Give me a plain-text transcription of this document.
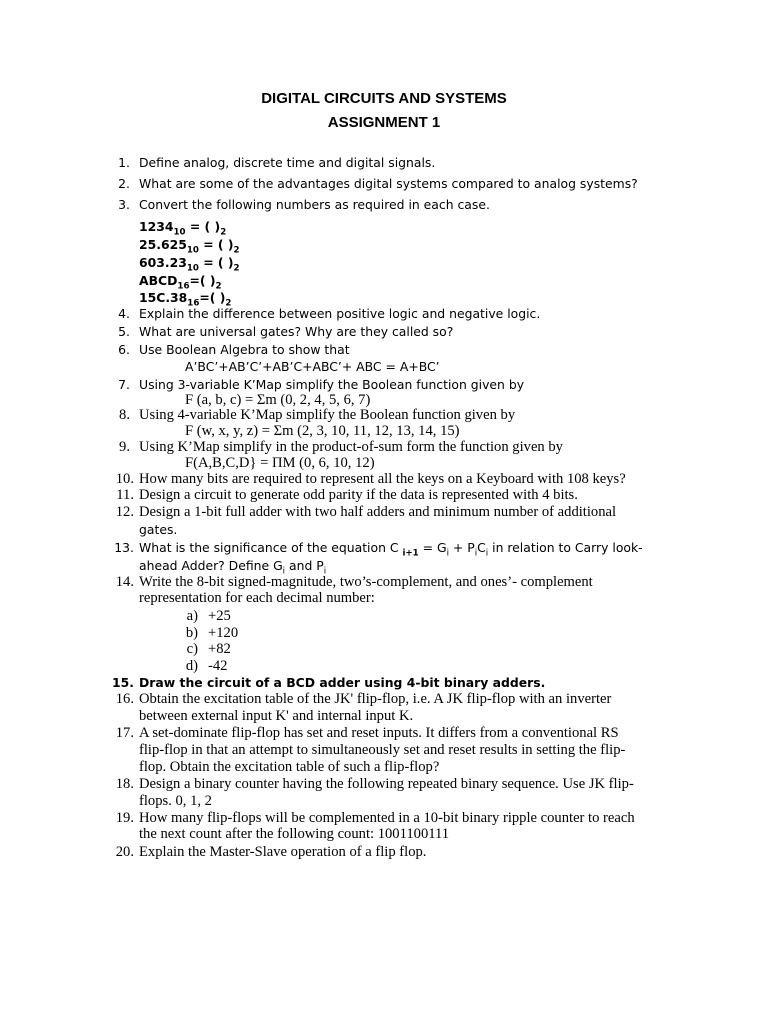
DIGITAL CIRCUITS AND SYSTEMS
ASSIGNMENT 1
1. Define analog, discrete time and digital signals.
2. What are some of the advantages digital systems compared to analog systems?
3. Convert the following numbers as required in each case.
$1234_{10}$ = ( )$_2$
$25.625_{10}$ = ( )$_2$
$603.23_{10}$ = ( )$_2$
$ABCD_{16}=$( )$_2$
$15C.38_{16}=$( )$_2$
4. Explain the difference between positive logic and negative logic.
5. What are universal gates? Why are they called so?
6. Use Boolean Algebra to show that
A’BC’+AB’C’+AB’C+ABC’+ ABC = A+BC’
7. Using 3-variable K’Map simplify the Boolean function given by
F (a, b, c) = Σm (0, 2, 4, 5, 6, 7)
8. Using 4-variable K’Map simplify the Boolean function given by
F (w, x, y, z) = Σm (2, 3, 10, 11, 12, 13, 14, 15)
9. Using K’Map simplify in the product-of-sum form the function given by
F(A,B,C,D} = ΠM (0, 6, 10, 12)
10. How many bits are required to represent all the keys on a Keyboard with 108 keys?
11. Design a circuit to generate odd parity if the data is represented with 4 bits.
12. Design a 1-bit full adder with two half adders and minimum number of additional
gates.
13. What is the significance of the equation C $_{i+1} = G_i + P_iC_i$ in relation to Carry look-
ahead Adder? Define $G_i$ and $P_i$
14. Write the 8-bit signed-magnitude, two’s-complement, and ones’- complement
representation for each decimal number:
a) +25
b) +120
c) +82
d) -42
15. Draw the circuit of a BCD adder using 4-bit binary adders.
16. Obtain the excitation table of the JK' flip-flop, i.e. A JK flip-flop with an inverter
between external input K' and internal input K.
17. A set-dominate flip-flop has set and reset inputs. It differs from a conventional RS
flip-flop in that an attempt to simultaneously set and reset results in setting the flip-
flop. Obtain the excitation table of such a flip-flop?
18. Design a binary counter having the following repeated binary sequence. Use JK flip-
flops. 0, 1, 2
19. How many flip-flops will be complemented in a 10-bit binary ripple counter to reach
the next count after the following count: 1001100111
20. Explain the Master-Slave operation of a flip flop.
